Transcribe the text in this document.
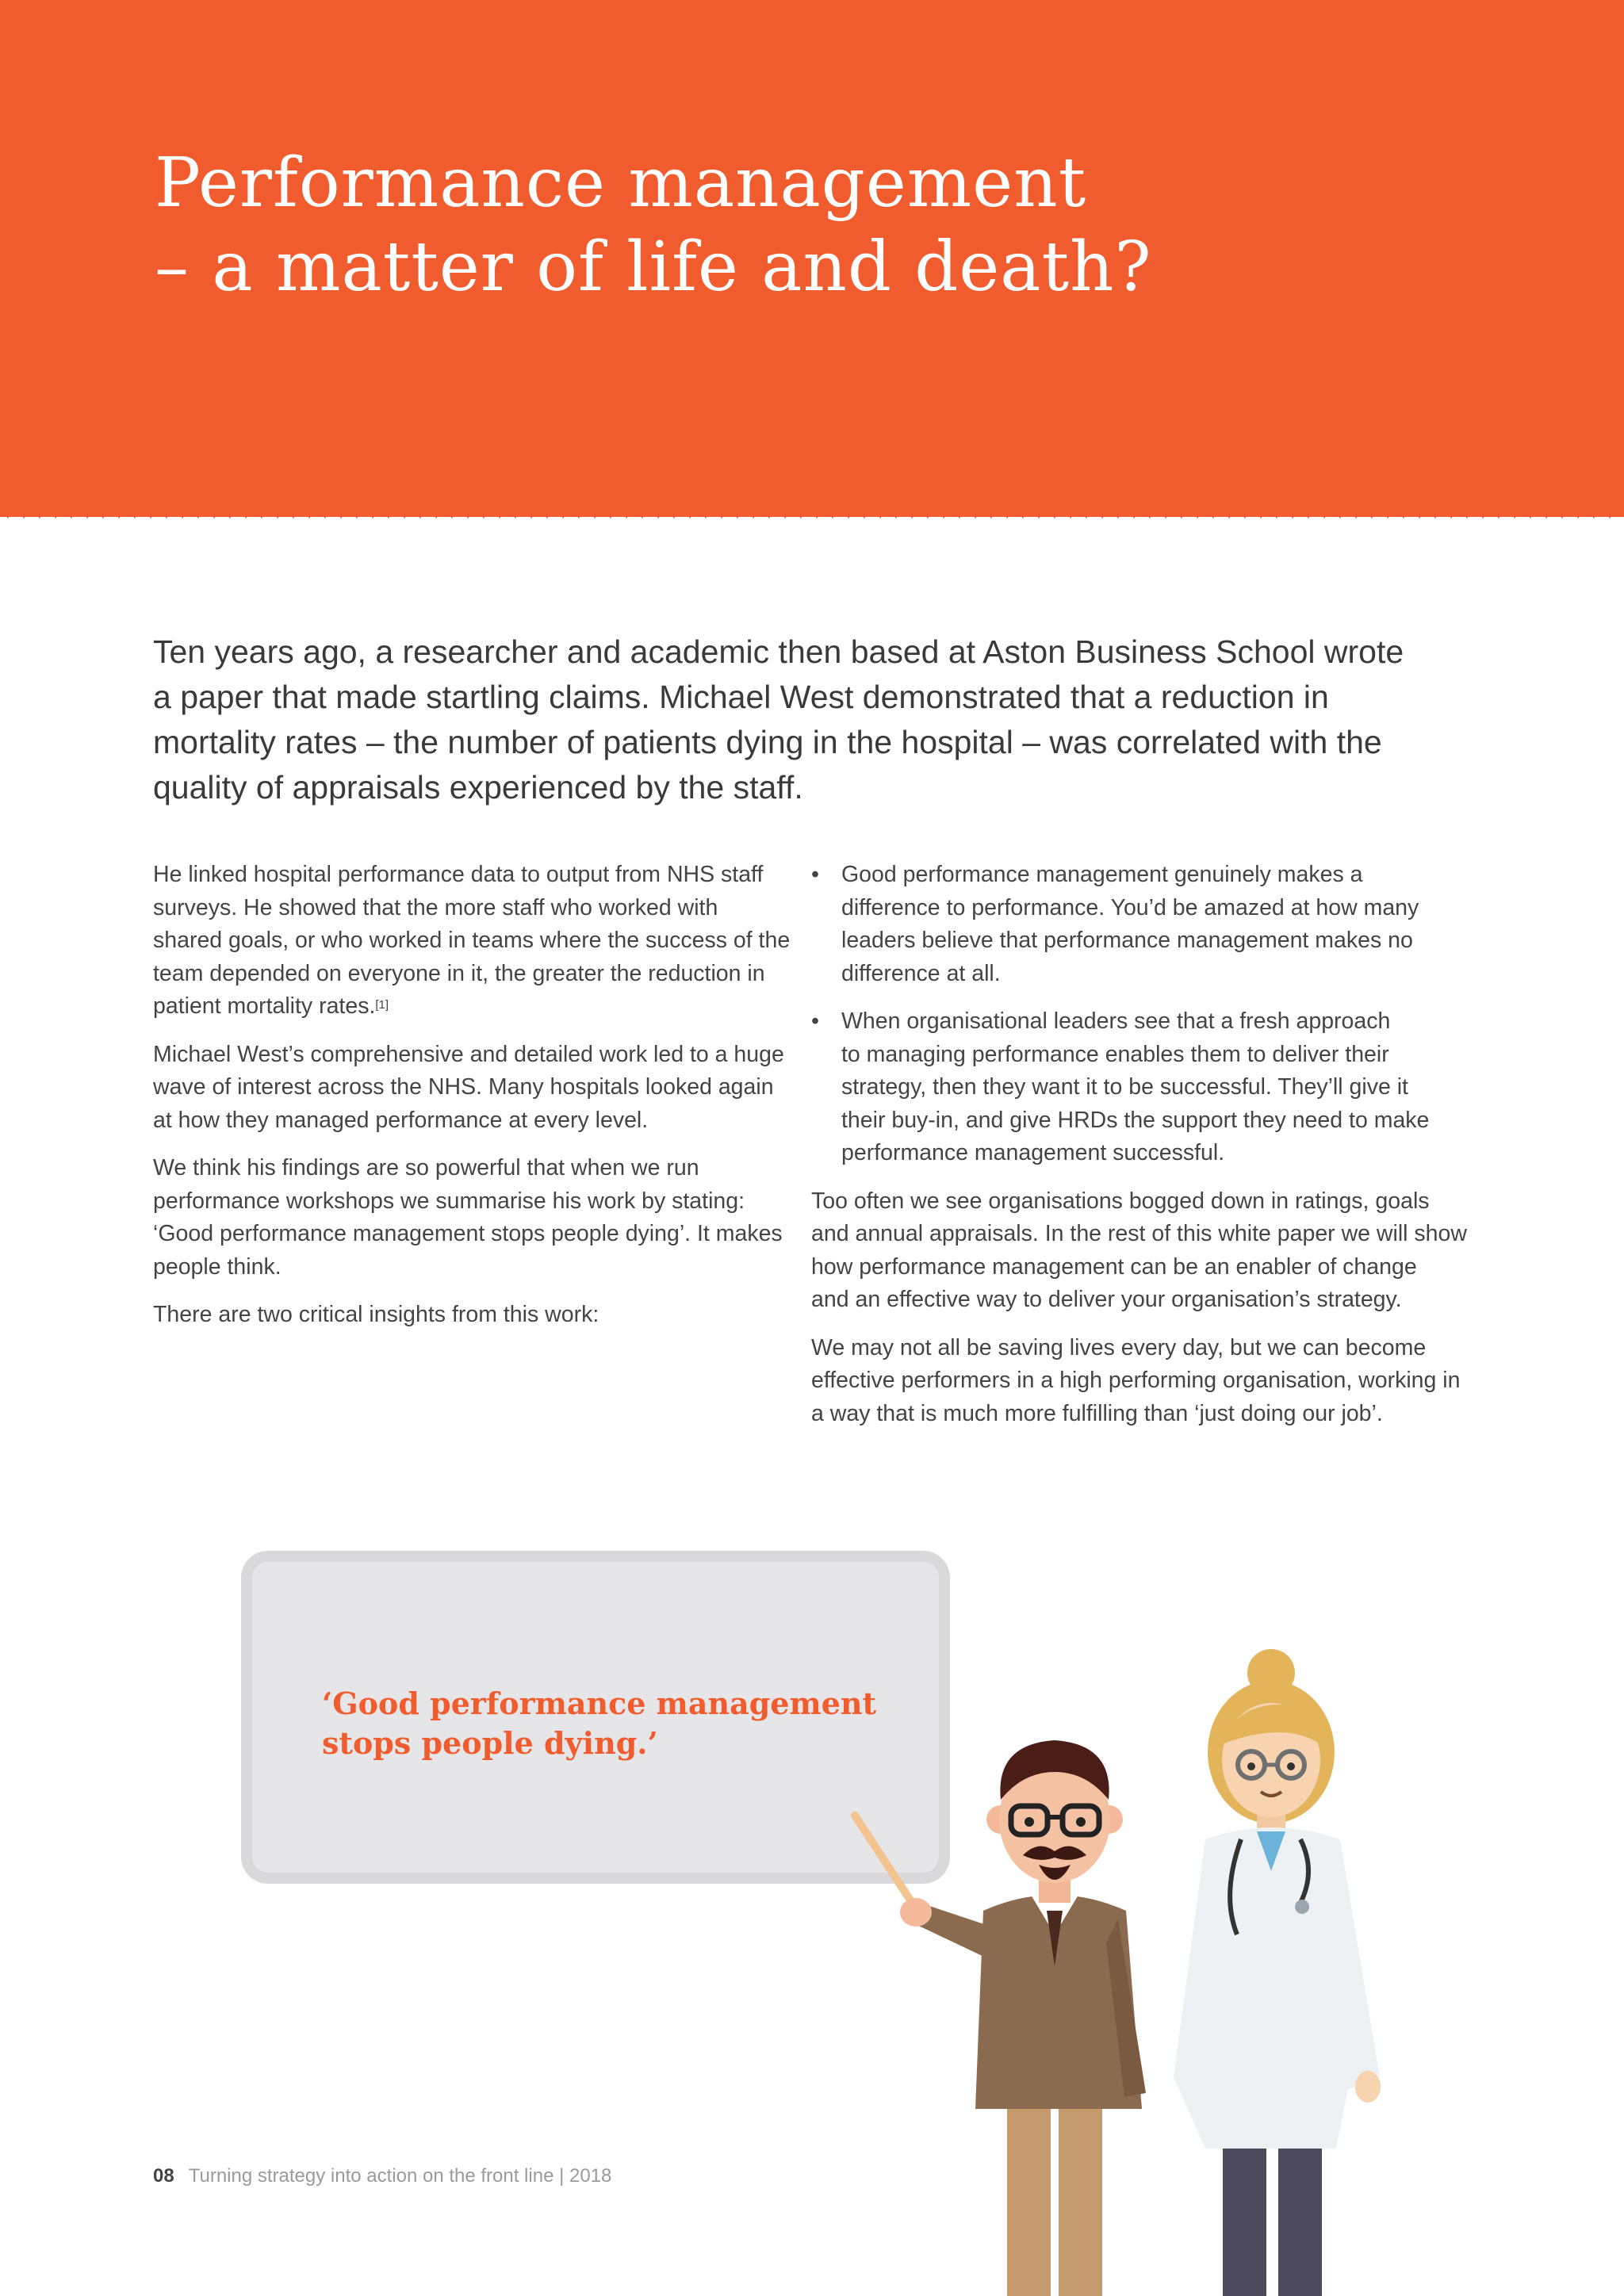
Performance management
– a matter of life and death?

Ten years ago, a researcher and academic then based at Aston Business School wrote
a paper that made startling claims. Michael West demonstrated that a reduction in
mortality rates – the number of patients dying in the hospital – was correlated with the
quality of appraisals experienced by the staff.

He linked hospital performance data to output from NHS staff
surveys. He showed that the more staff who worked with
shared goals, or who worked in teams where the success of the
team depended on everyone in it, the greater the reduction in
patient mortality rates.[1]

Michael West’s comprehensive and detailed work led to a huge
wave of interest across the NHS. Many hospitals looked again
at how they managed performance at every level.

We think his findings are so powerful that when we run
performance workshops we summarise his work by stating:
‘Good performance management stops people dying’. It makes
people think.

There are two critical insights from this work:

• Good performance management genuinely makes a
difference to performance. You’d be amazed at how many
leaders believe that performance management makes no
difference at all.
• When organisational leaders see that a fresh approach
to managing performance enables them to deliver their
strategy, then they want it to be successful. They’ll give it
their buy-in, and give HRDs the support they need to make
performance management successful.

Too often we see organisations bogged down in ratings, goals
and annual appraisals. In the rest of this white paper we will show
how performance management can be an enabler of change
and an effective way to deliver your organisation’s strategy.

We may not all be saving lives every day, but we can become
effective performers in a high performing organisation, working in
a way that is much more fulfilling than ‘just doing our job’.

‘Good performance management
stops people dying.’

08 Turning strategy into action on the front line | 2018
